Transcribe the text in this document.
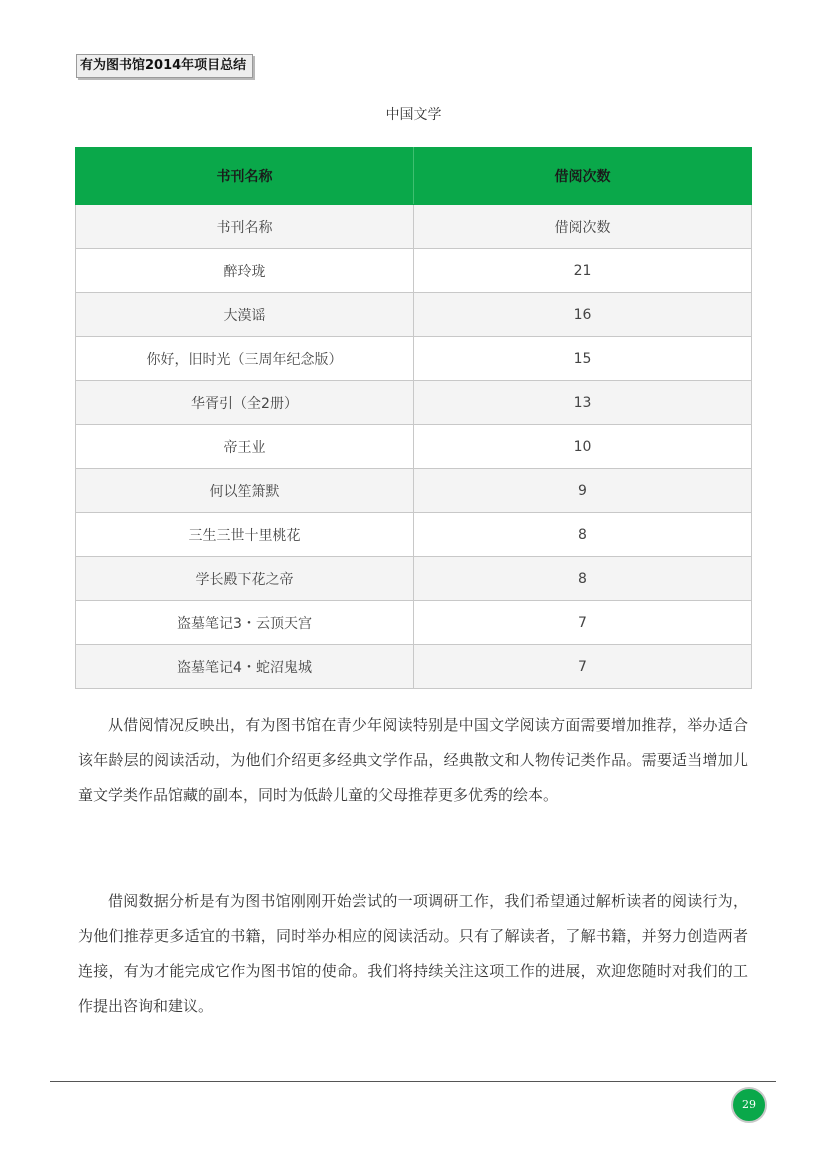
有为图书馆2014年项目总结
中国文学
书刊名称	借阅次数
书刊名称	借阅次数
醉玲珑	21
大漠谣	16
你好，旧时光（三周年纪念版）	15
华胥引（全2册）	13
帝王业	10
何以笙箫默	9
三生三世十里桃花	8
学长殿下花之帝	8
盗墓笔记3・云顶天宫	7
盗墓笔记4・蛇沼鬼城	7

从借阅情况反映出，有为图书馆在青少年阅读特别是中国文学阅读方面需要增加推荐，举办适合该年龄层的阅读活动，为他们介绍更多经典文学作品，经典散文和人物传记类作品。需要适当增加儿童文学类作品馆藏的副本，同时为低龄儿童的父母推荐更多优秀的绘本。

借阅数据分析是有为图书馆刚刚开始尝试的一项调研工作，我们希望通过解析读者的阅读行为，为他们推荐更多适宜的书籍，同时举办相应的阅读活动。只有了解读者，了解书籍，并努力创造两者连接，有为才能完成它作为图书馆的使命。我们将持续关注这项工作的进展，欢迎您随时对我们的工作提出咨询和建议。

29
